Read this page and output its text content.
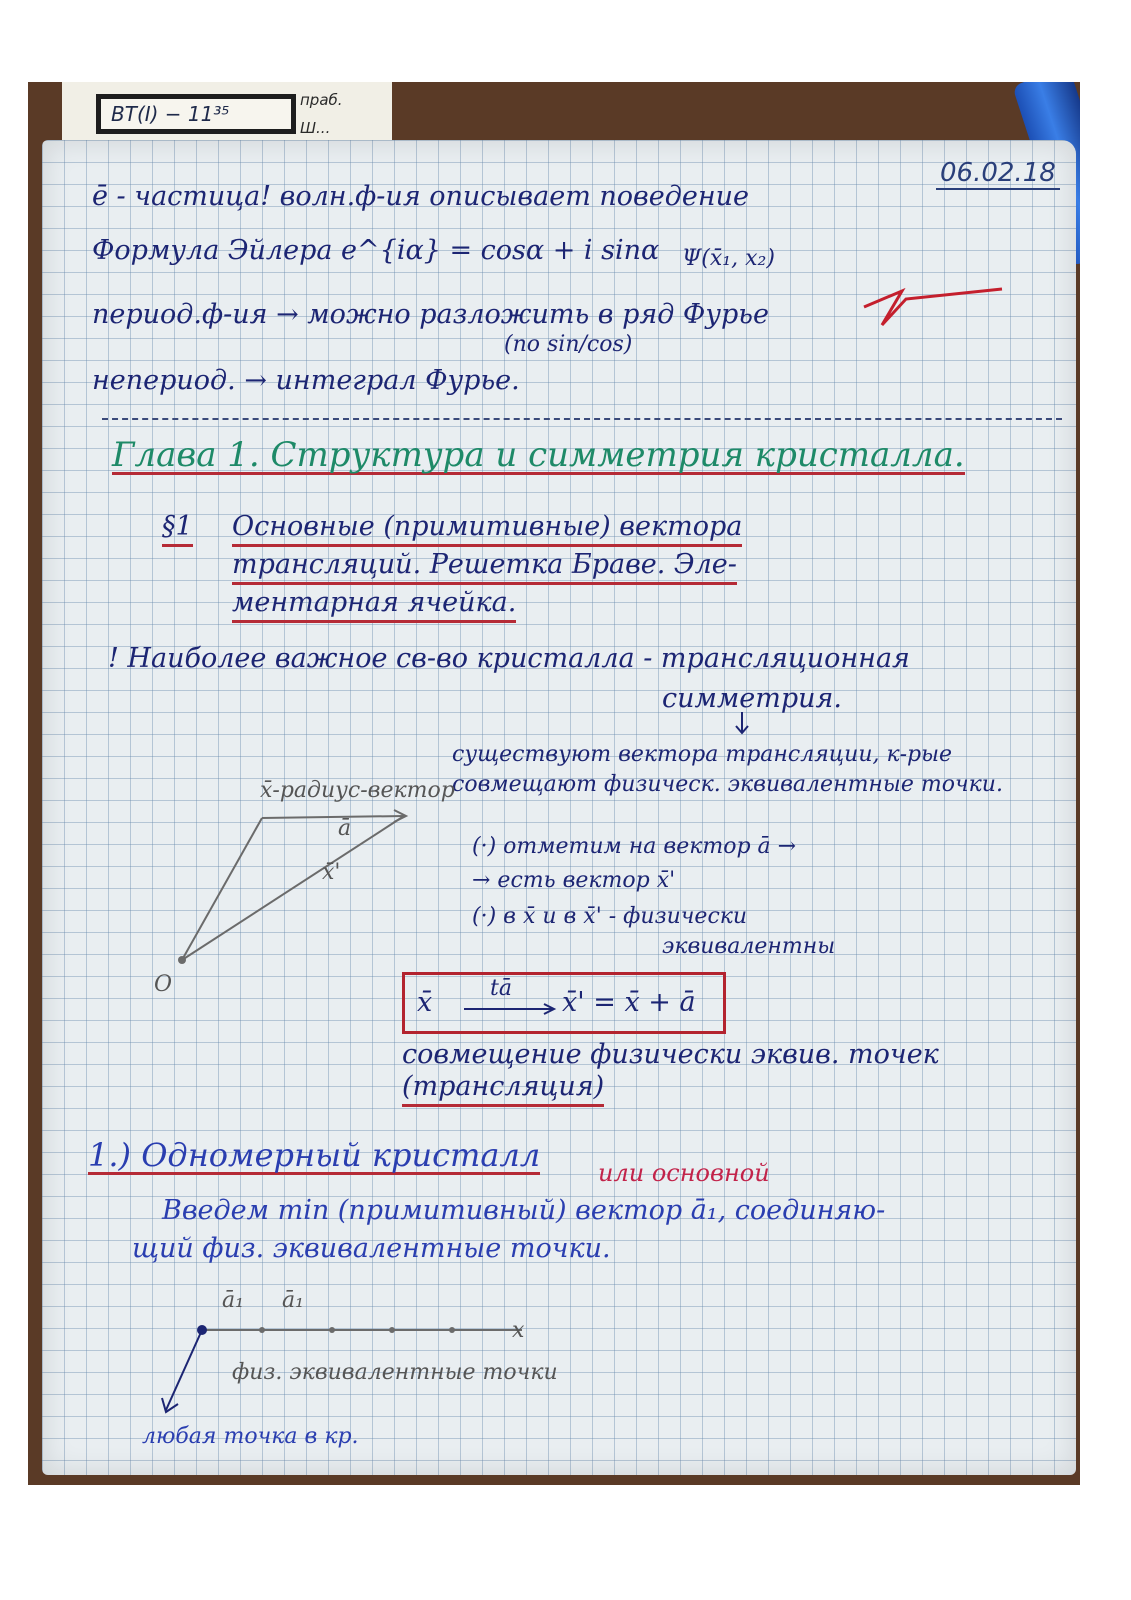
ВТ(I) − 11³⁵
праб.
Ш...
06.02.18
ē - частица! волн.ф-ия описывает поведение
Формула Эйлера e^{iα} = cosα + i sinα Ψ(x̄₁, x₂)
период.ф-ия → можно разложить в ряд Фурье
(по sin/cos)
непериод. → интеграл Фурье.
Глава 1. Структура и симметрия кристалла.
§1 Основные (примитивные) вектора
трансляций. Решетка Браве. Эле-
ментарная ячейка.
! Наиболее важное св-во кристалла - трансляционная
симметрия.
существуют вектора трансляции, к-рые
совмещают физическ. эквивалентные точки.
x̄-радиус-вектор
ā
x̄'
O
(·) отметим на вектор ā →
→ есть вектор x̄'
(·) в x̄ и в x̄' - физически
эквивалентны
x̄	tā x̄' = x̄ + ā
совмещение физически эквив. точек
(трансляция)
1.) Одномерный кристалл или основной
Введем min (примитивный) вектор ā₁, соединяю-
щий физ. эквивалентные точки.
ā₁ ā₁
x
физ. эквивалентные точки
любая точка в кр.
